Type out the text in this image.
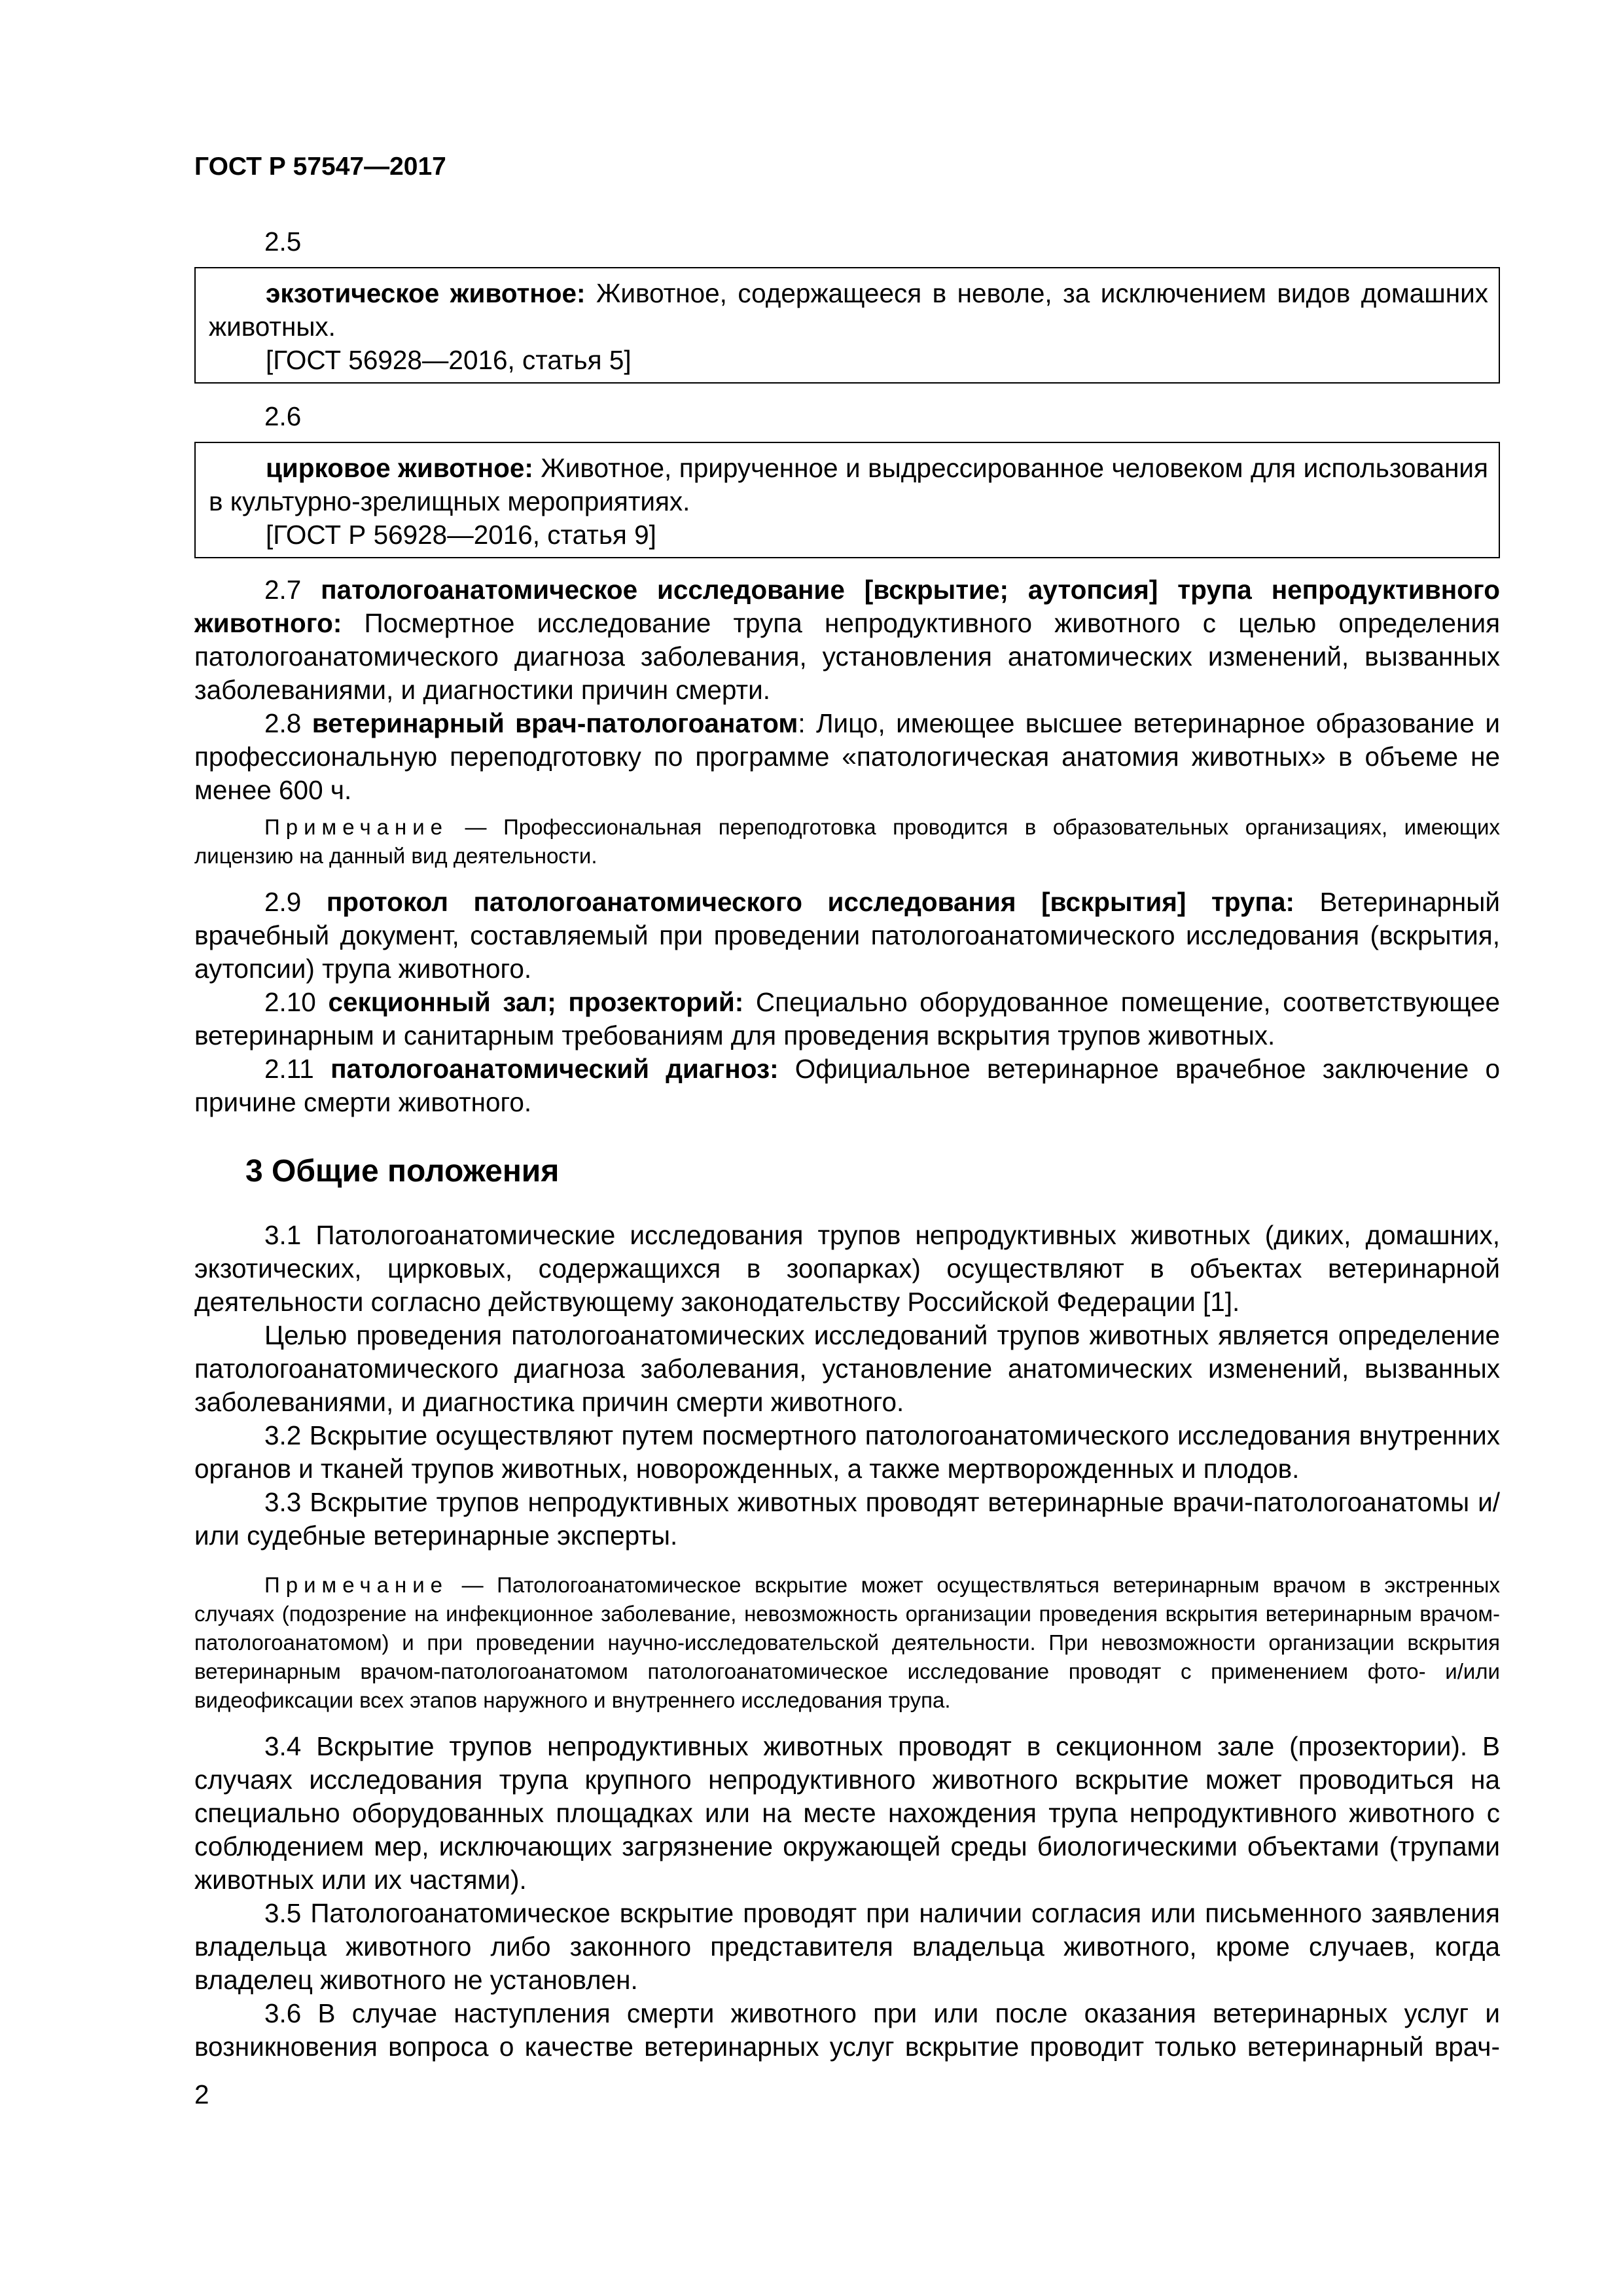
ГОСТ Р 57547—2017

2.5

экзотическое животное: Животное, содержащееся в неволе, за исключением видов домашних животных.

[ГОСТ 56928—2016, статья 5]

2.6

цирковое животное: Животное, прирученное и выдрессированное человеком для использования в культурно-зрелищных мероприятиях.

[ГОСТ Р 56928—2016, статья 9]

2.7 патологоанатомическое исследование [вскрытие; аутопсия] трупа непродуктивного животного: Посмертное исследование трупа непродуктивного животного с целью определения патологоанатомического диагноза заболевания, установления анатомических изменений, вызванных заболеваниями, и диагностики причин смерти.

2.8 ветеринарный врач-патологоанатом: Лицо, имеющее высшее ветеринарное образование и профессиональную переподготовку по программе «патологическая анатомия животных» в объеме не менее 600 ч.

Примечание — Профессиональная переподготовка проводится в образовательных организациях, имеющих лицензию на данный вид деятельности.

2.9 протокол патологоанатомического исследования [вскрытия] трупа: Ветеринарный врачебный документ, составляемый при проведении патологоанатомического исследования (вскрытия, аутопсии) трупа животного.

2.10 секционный зал; прозекторий: Специально оборудованное помещение, соответствующее ветеринарным и санитарным требованиям для проведения вскрытия трупов животных.

2.11 патологоанатомический диагноз: Официальное ветеринарное врачебное заключение о причине смерти животного.

3 Общие положения

3.1 Патологоанатомические исследования трупов непродуктивных животных (диких, домашних, экзотических, цирковых, содержащихся в зоопарках) осуществляют в объектах ветеринарной деятельности согласно действующему законодательству Российской Федерации [1].

Целью проведения патологоанатомических исследований трупов животных является определение патологоанатомического диагноза заболевания, установление анатомических изменений, вызванных заболеваниями, и диагностика причин смерти животного.

3.2 Вскрытие осуществляют путем посмертного патологоанатомического исследования внутренних органов и тканей трупов животных, новорожденных, а также мертворожденных и плодов.

3.3 Вскрытие трупов непродуктивных животных проводят ветеринарные врачи-патологоанатомы и/или судебные ветеринарные эксперты.

Примечание — Патологоанатомическое вскрытие может осуществляться ветеринарным врачом в экстренных случаях (подозрение на инфекционное заболевание, невозможность организации проведения вскрытия ветеринарным врачом-патологоанатомом) и при проведении научно-исследовательской деятельности. При невозможности организации вскрытия ветеринарным врачом-патологоанатомом патологоанатомическое исследование проводят с применением фото- и/или видеофиксации всех этапов наружного и внутреннего исследования трупа.

3.4 Вскрытие трупов непродуктивных животных проводят в секционном зале (прозектории). В случаях исследования трупа крупного непродуктивного животного вскрытие может проводиться на специально оборудованных площадках или на месте нахождения трупа непродуктивного животного с соблюдением мер, исключающих загрязнение окружающей среды биологическими объектами (трупами животных или их частями).

3.5 Патологоанатомическое вскрытие проводят при наличии согласия или письменного заявления владельца животного либо законного представителя владельца животного, кроме случаев, когда владелец животного не установлен.

3.6 В случае наступления смерти животного при или после оказания ветеринарных услуг и возникновения вопроса о качестве ветеринарных услуг вскрытие проводит только ветеринарный врач-

2
